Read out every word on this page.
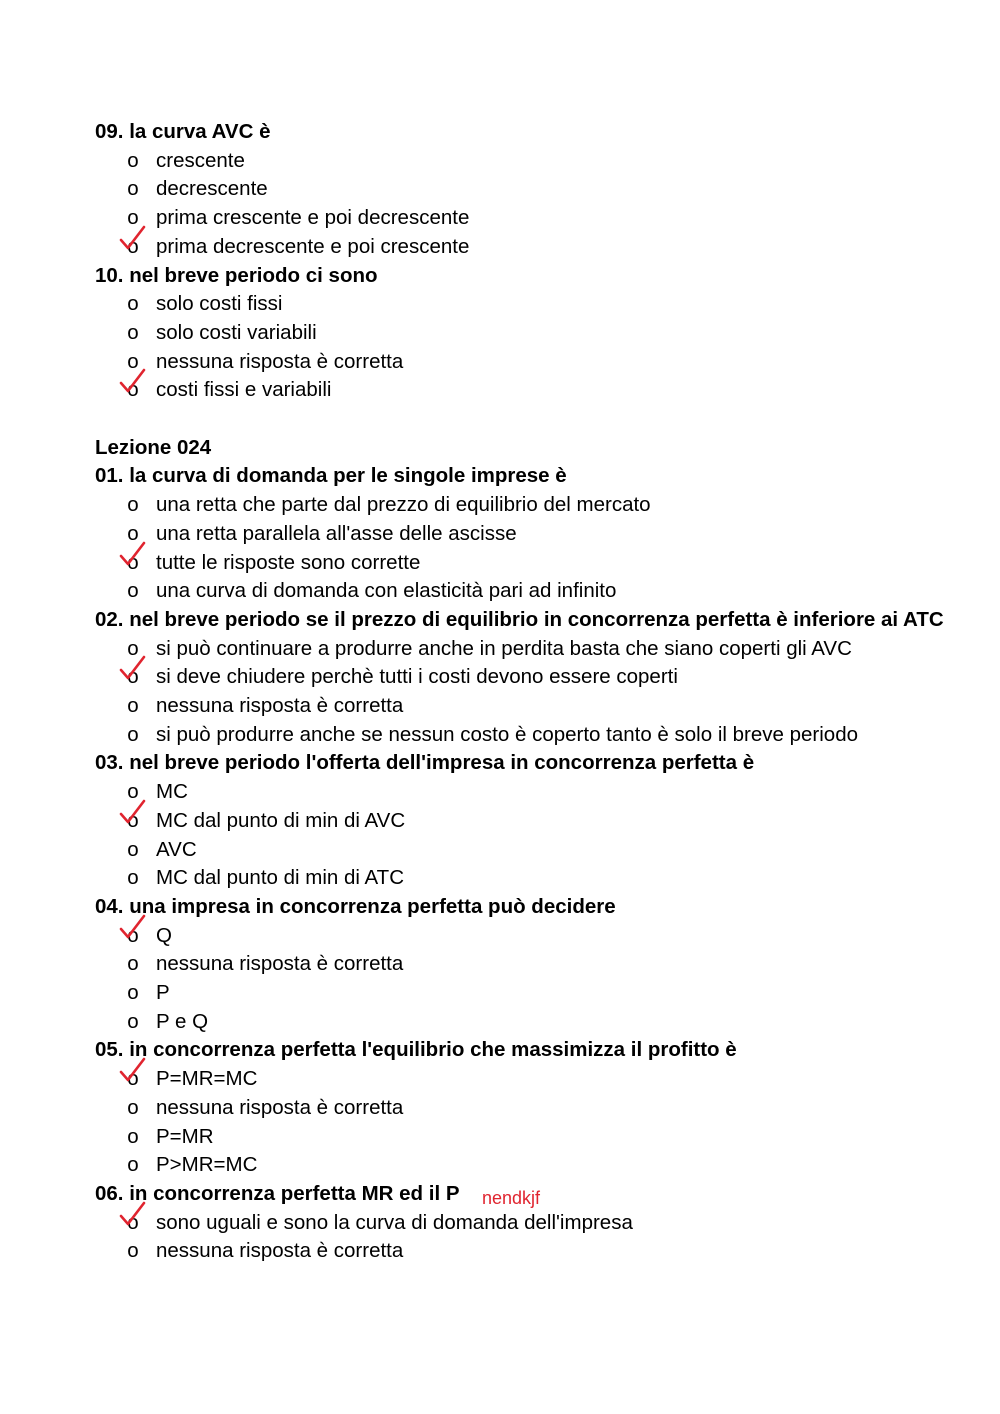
09. la curva AVC è
o crescente
o decrescente
o prima crescente e poi decrescente
o prima decrescente e poi crescente
10. nel breve periodo ci sono
o solo costi fissi
o solo costi variabili
o nessuna risposta è corretta
o costi fissi e variabili
Lezione 024
01. la curva di domanda per le singole imprese è
o una retta che parte dal prezzo di equilibrio del mercato
o una retta parallela all'asse delle ascisse
o tutte le risposte sono corrette
o una curva di domanda con elasticità pari ad infinito
02. nel breve periodo se il prezzo di equilibrio in concorrenza perfetta è inferiore ai ATC
o si può continuare a produrre anche in perdita basta che siano coperti gli AVC
o si deve chiudere perchè tutti i costi devono essere coperti
o nessuna risposta è corretta
o si può produrre anche se nessun costo è coperto tanto è solo il breve periodo
03. nel breve periodo l'offerta dell'impresa in concorrenza perfetta è
o MC
o MC dal punto di min di AVC
o AVC
o MC dal punto di min di ATC
04. una impresa in concorrenza perfetta può decidere
o Q
o nessuna risposta è corretta
o P
o P e Q
05. in concorrenza perfetta l'equilibrio che massimizza il profitto è
o P=MR=MC
o nessuna risposta è corretta
o P=MR
o P>MR=MC
06. in concorrenza perfetta MR ed il P
o sono uguali e sono la curva di domanda dell'impresa
o nessuna risposta è corretta
nendkjf
